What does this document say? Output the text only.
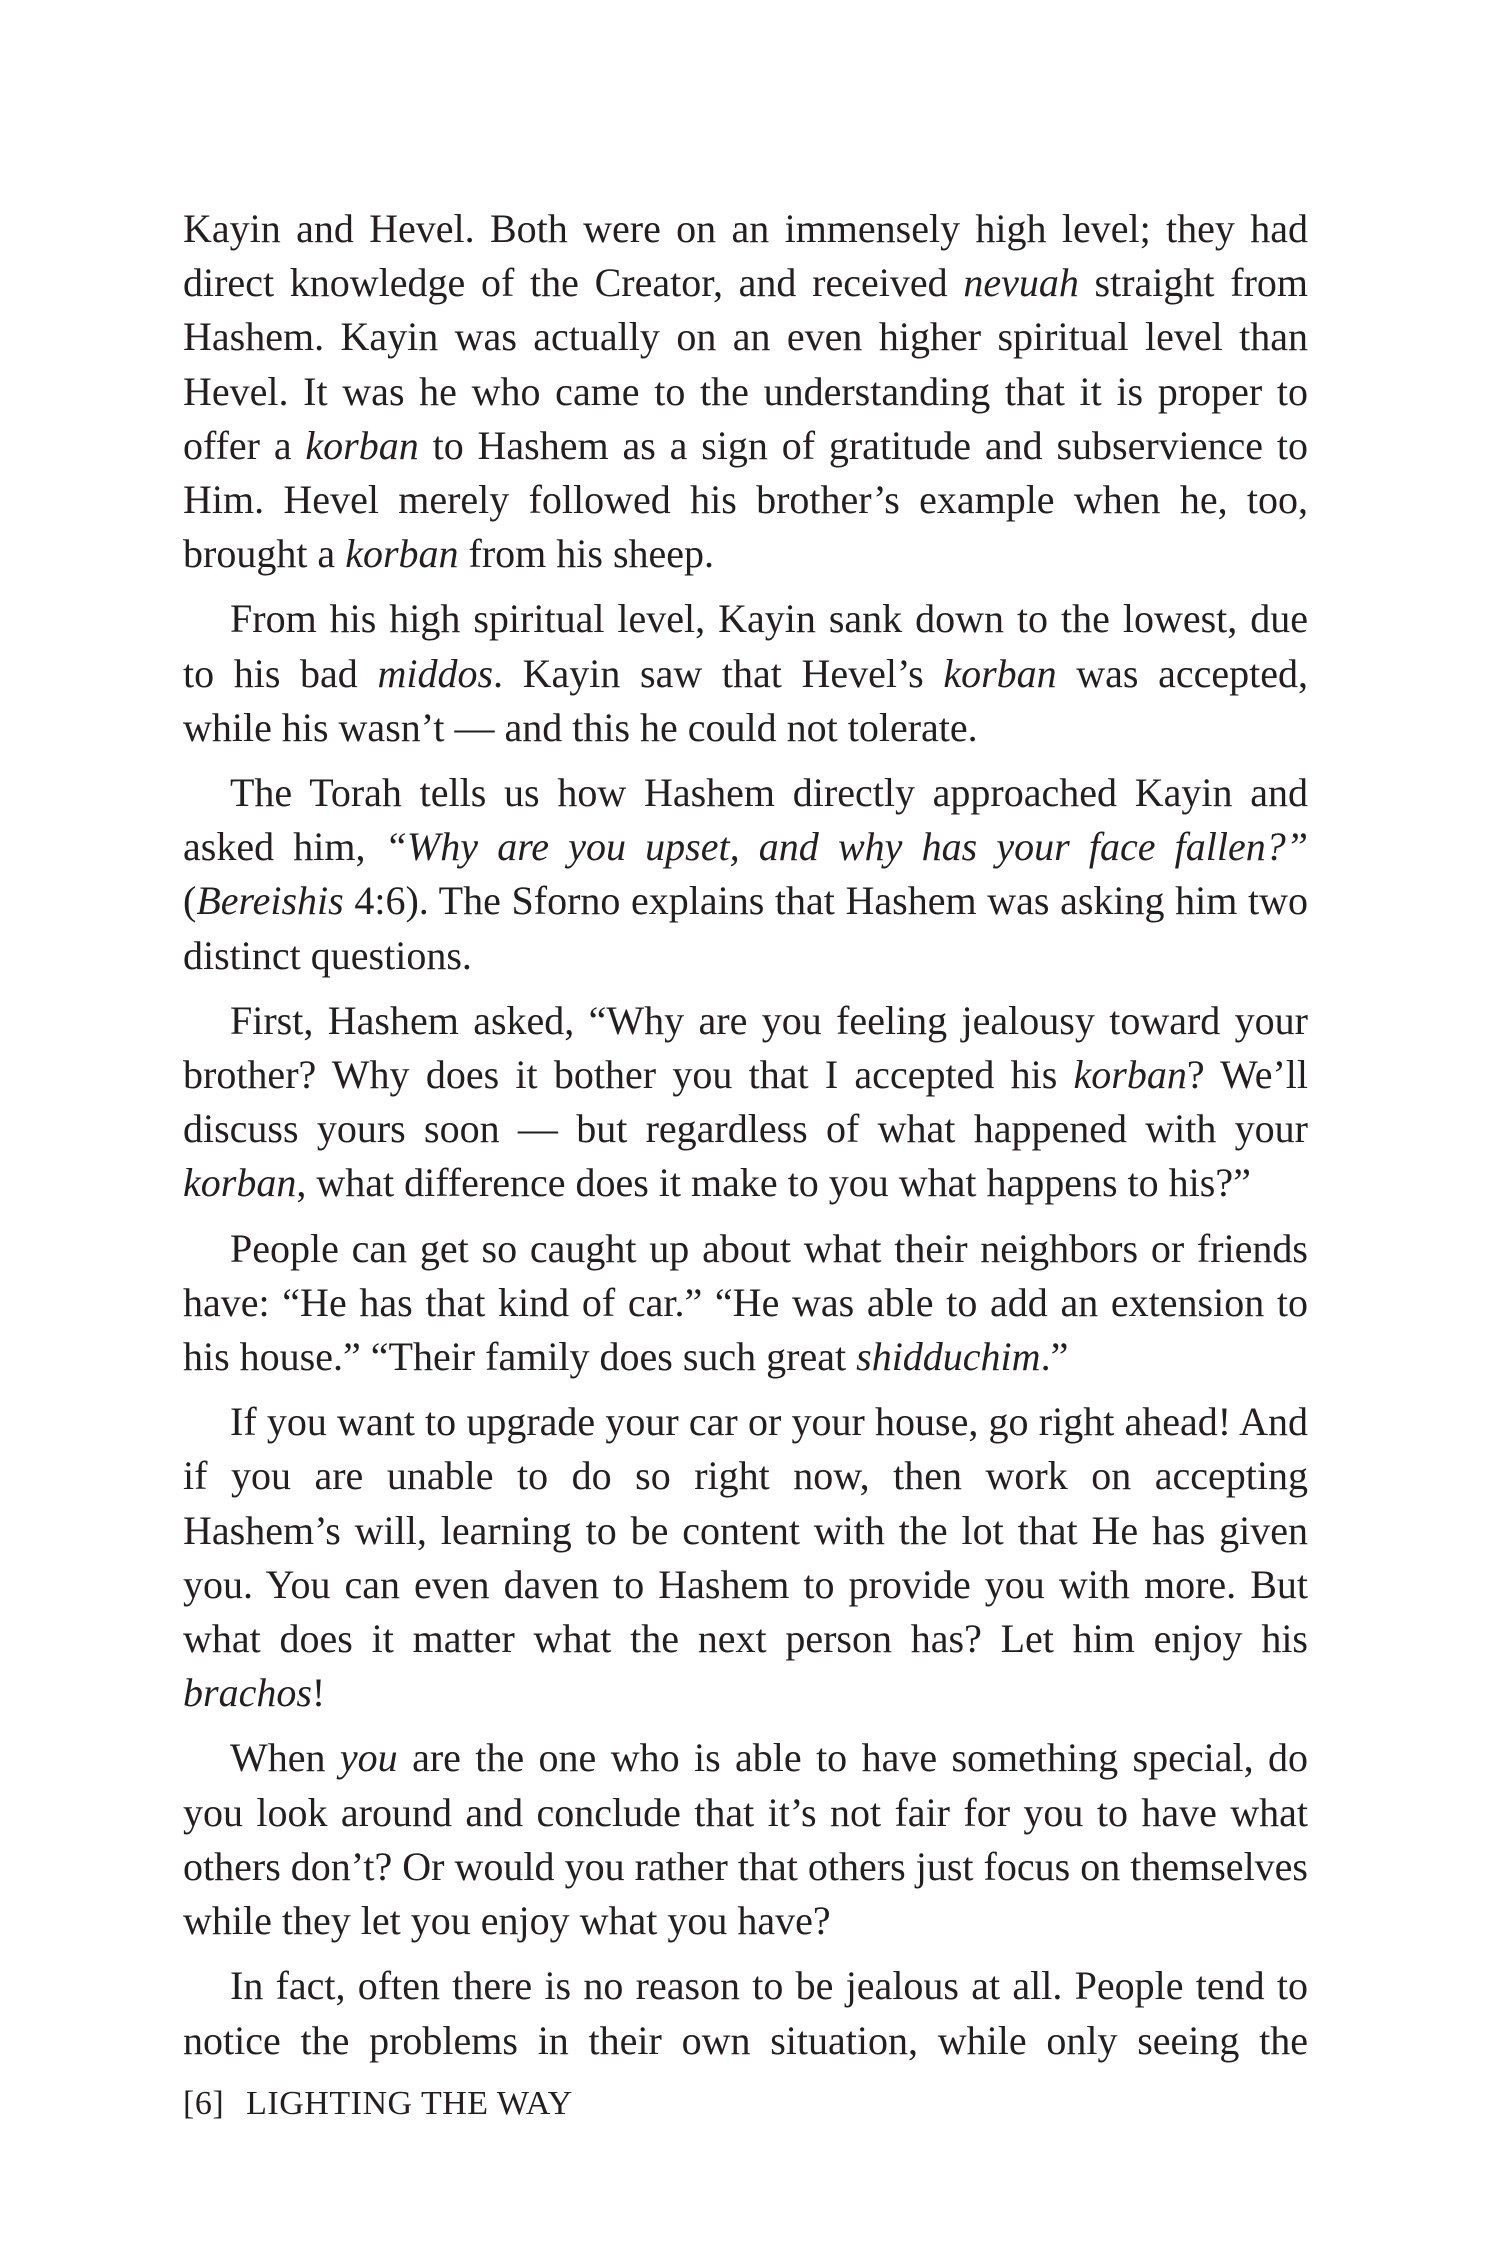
Kayin and Hevel. Both were on an immensely high level; they had direct knowledge of the Creator, and received nevuah straight from Hashem. Kayin was actually on an even higher spiritual level than Hevel. It was he who came to the understanding that it is proper to offer a korban to Hashem as a sign of gratitude and subservience to Him. Hevel merely followed his brother’s example when he, too, brought a korban from his sheep.

From his high spiritual level, Kayin sank down to the lowest, due to his bad middos. Kayin saw that Hevel’s korban was accepted, while his wasn’t — and this he could not tolerate.

The Torah tells us how Hashem directly approached Kayin and asked him, “Why are you upset, and why has your face fallen?” (Bereishis 4:6). The Sforno explains that Hashem was asking him two distinct questions.

First, Hashem asked, “Why are you feeling jealousy toward your brother? Why does it bother you that I accepted his korban? We’ll discuss yours soon — but regardless of what happened with your korban, what difference does it make to you what happens to his?”

People can get so caught up about what their neighbors or friends have: “He has that kind of car.” “He was able to add an extension to his house.” “Their family does such great shidduchim.”

If you want to upgrade your car or your house, go right ahead! And if you are unable to do so right now, then work on accepting Hashem’s will, learning to be content with the lot that He has given you. You can even daven to Hashem to provide you with more. But what does it matter what the next person has? Let him enjoy his brachos!

When you are the one who is able to have something special, do you look around and conclude that it’s not fair for you to have what others don’t? Or would you rather that others just focus on themselves while they let you enjoy what you have?

In fact, often there is no reason to be jealous at all. People tend to notice the problems in their own situation, while only seeing the

[6] LIGHTING THE WAY
